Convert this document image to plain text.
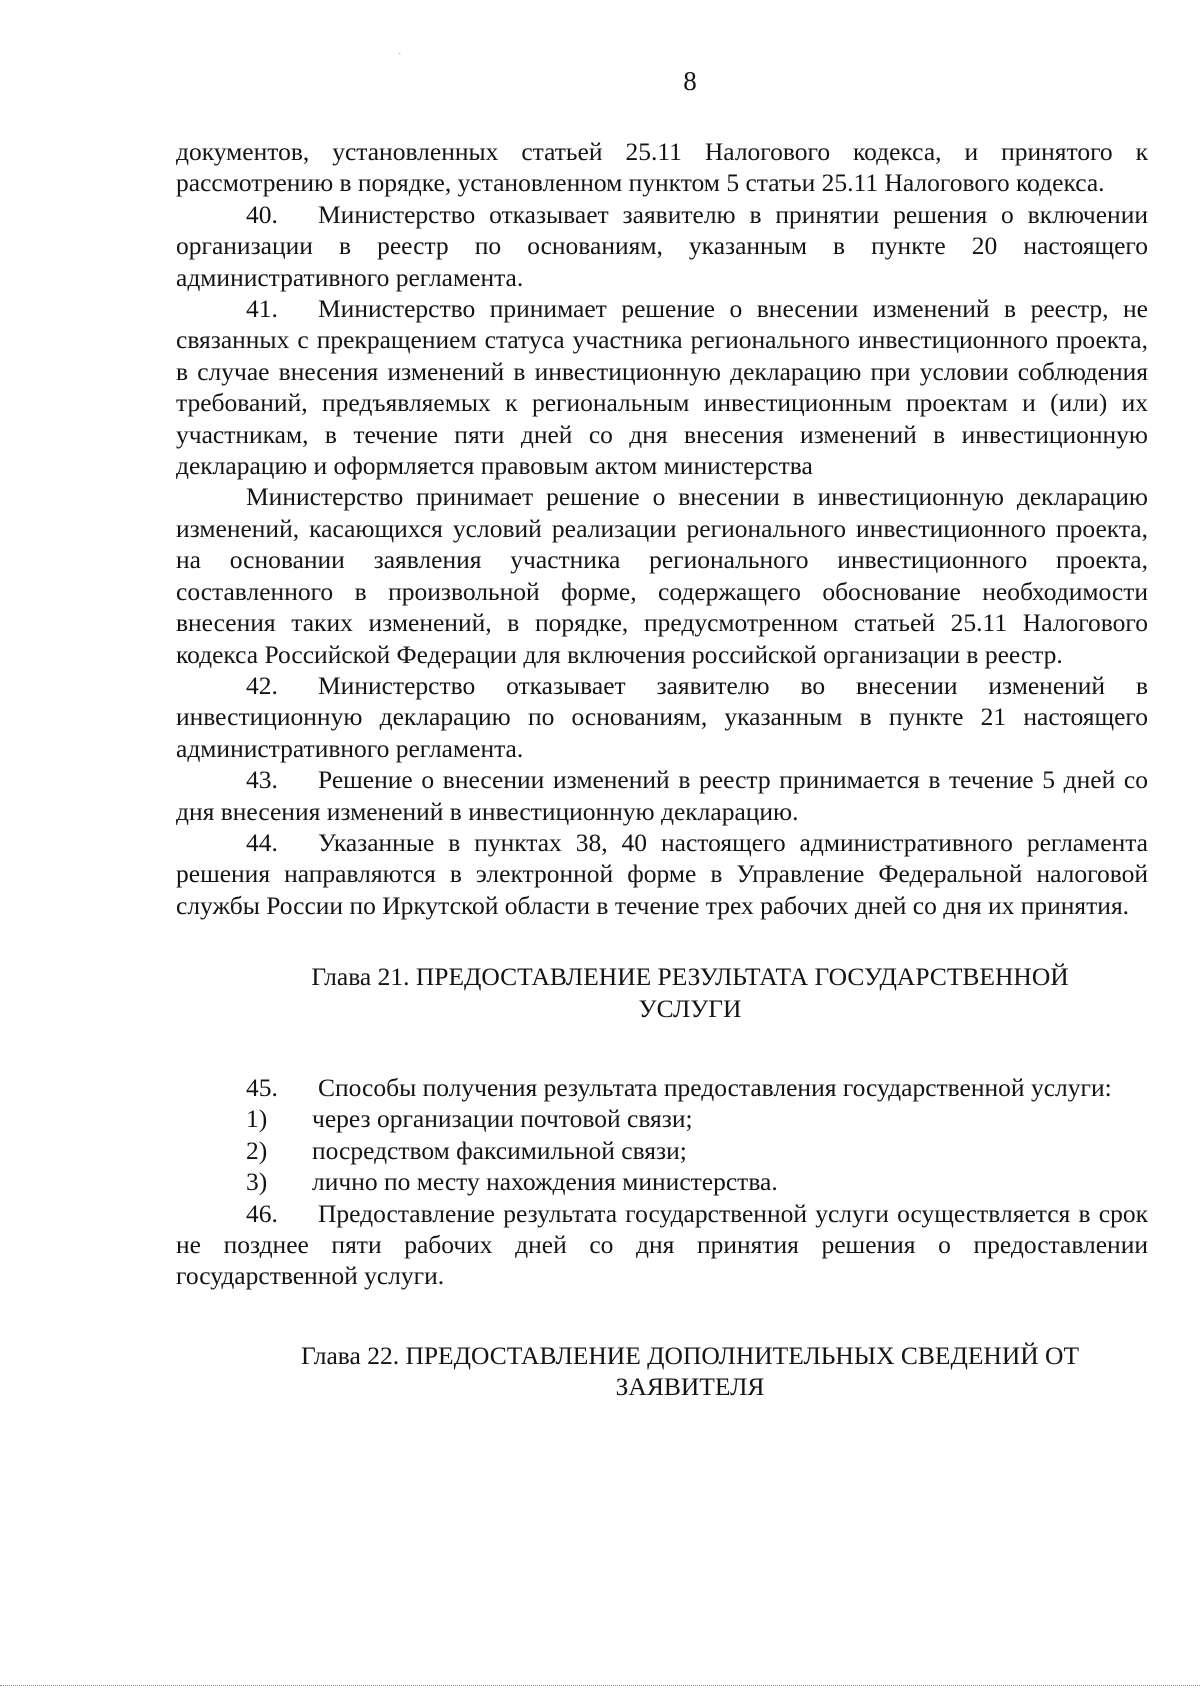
ˏ
8

документов, установленных статьей 25.11 Налогового кодекса, и принятого к рассмотрению в порядке, установленном пунктом 5 статьи 25.11 Налогового кодекса.

40. Министерство отказывает заявителю в принятии решения о включении организации в реестр по основаниям, указанным в пункте 20 настоящего административного регламента.

41. Министерство принимает решение о внесении изменений в реестр, не связанных с прекращением статуса участника регионального инвестиционного проекта, в случае внесения изменений в инвестиционную декларацию при условии соблюдения требований, предъявляемых к региональным инвестиционным проектам и (или) их участникам, в течение пяти дней со дня внесения изменений в инвестиционную декларацию и оформляется правовым актом министерства

Министерство принимает решение о внесении в инвестиционную декларацию изменений, касающихся условий реализации регионального инвестиционного проекта, на основании заявления участника регионального инвестиционного проекта, составленного в произвольной форме, содержащего обоснование необходимости внесения таких изменений, в порядке, предусмотренном статьей 25.11 Налогового кодекса Российской Федерации для включения российской организации в реестр.

42. Министерство отказывает заявителю во внесении изменений в инвестиционную декларацию по основаниям, указанным в пункте 21 настоящего административного регламента.

43. Решение о внесении изменений в реестр принимается в течение 5 дней со дня внесения изменений в инвестиционную декларацию.

44. Указанные в пунктах 38, 40 настоящего административного регламента решения направляются в электронной форме в Управление Федеральной налоговой службы России по Иркутской области в течение трех рабочих дней со дня их принятия.

Глава 21. ПРЕДОСТАВЛЕНИЕ РЕЗУЛЬТАТА ГОСУДАРСТВЕННОЙ
УСЛУГИ

45. Способы получения результата предоставления государственной услуги:

1) через организации почтовой связи;

2) посредством факсимильной связи;

3) лично по месту нахождения министерства.

46. Предоставление результата государственной услуги осуществляется в срок не позднее пяти рабочих дней со дня принятия решения о предоставлении государственной услуги.

Глава 22. ПРЕДОСТАВЛЕНИЕ ДОПОЛНИТЕЛЬНЫХ СВЕДЕНИЙ ОТ
ЗАЯВИТЕЛЯ
